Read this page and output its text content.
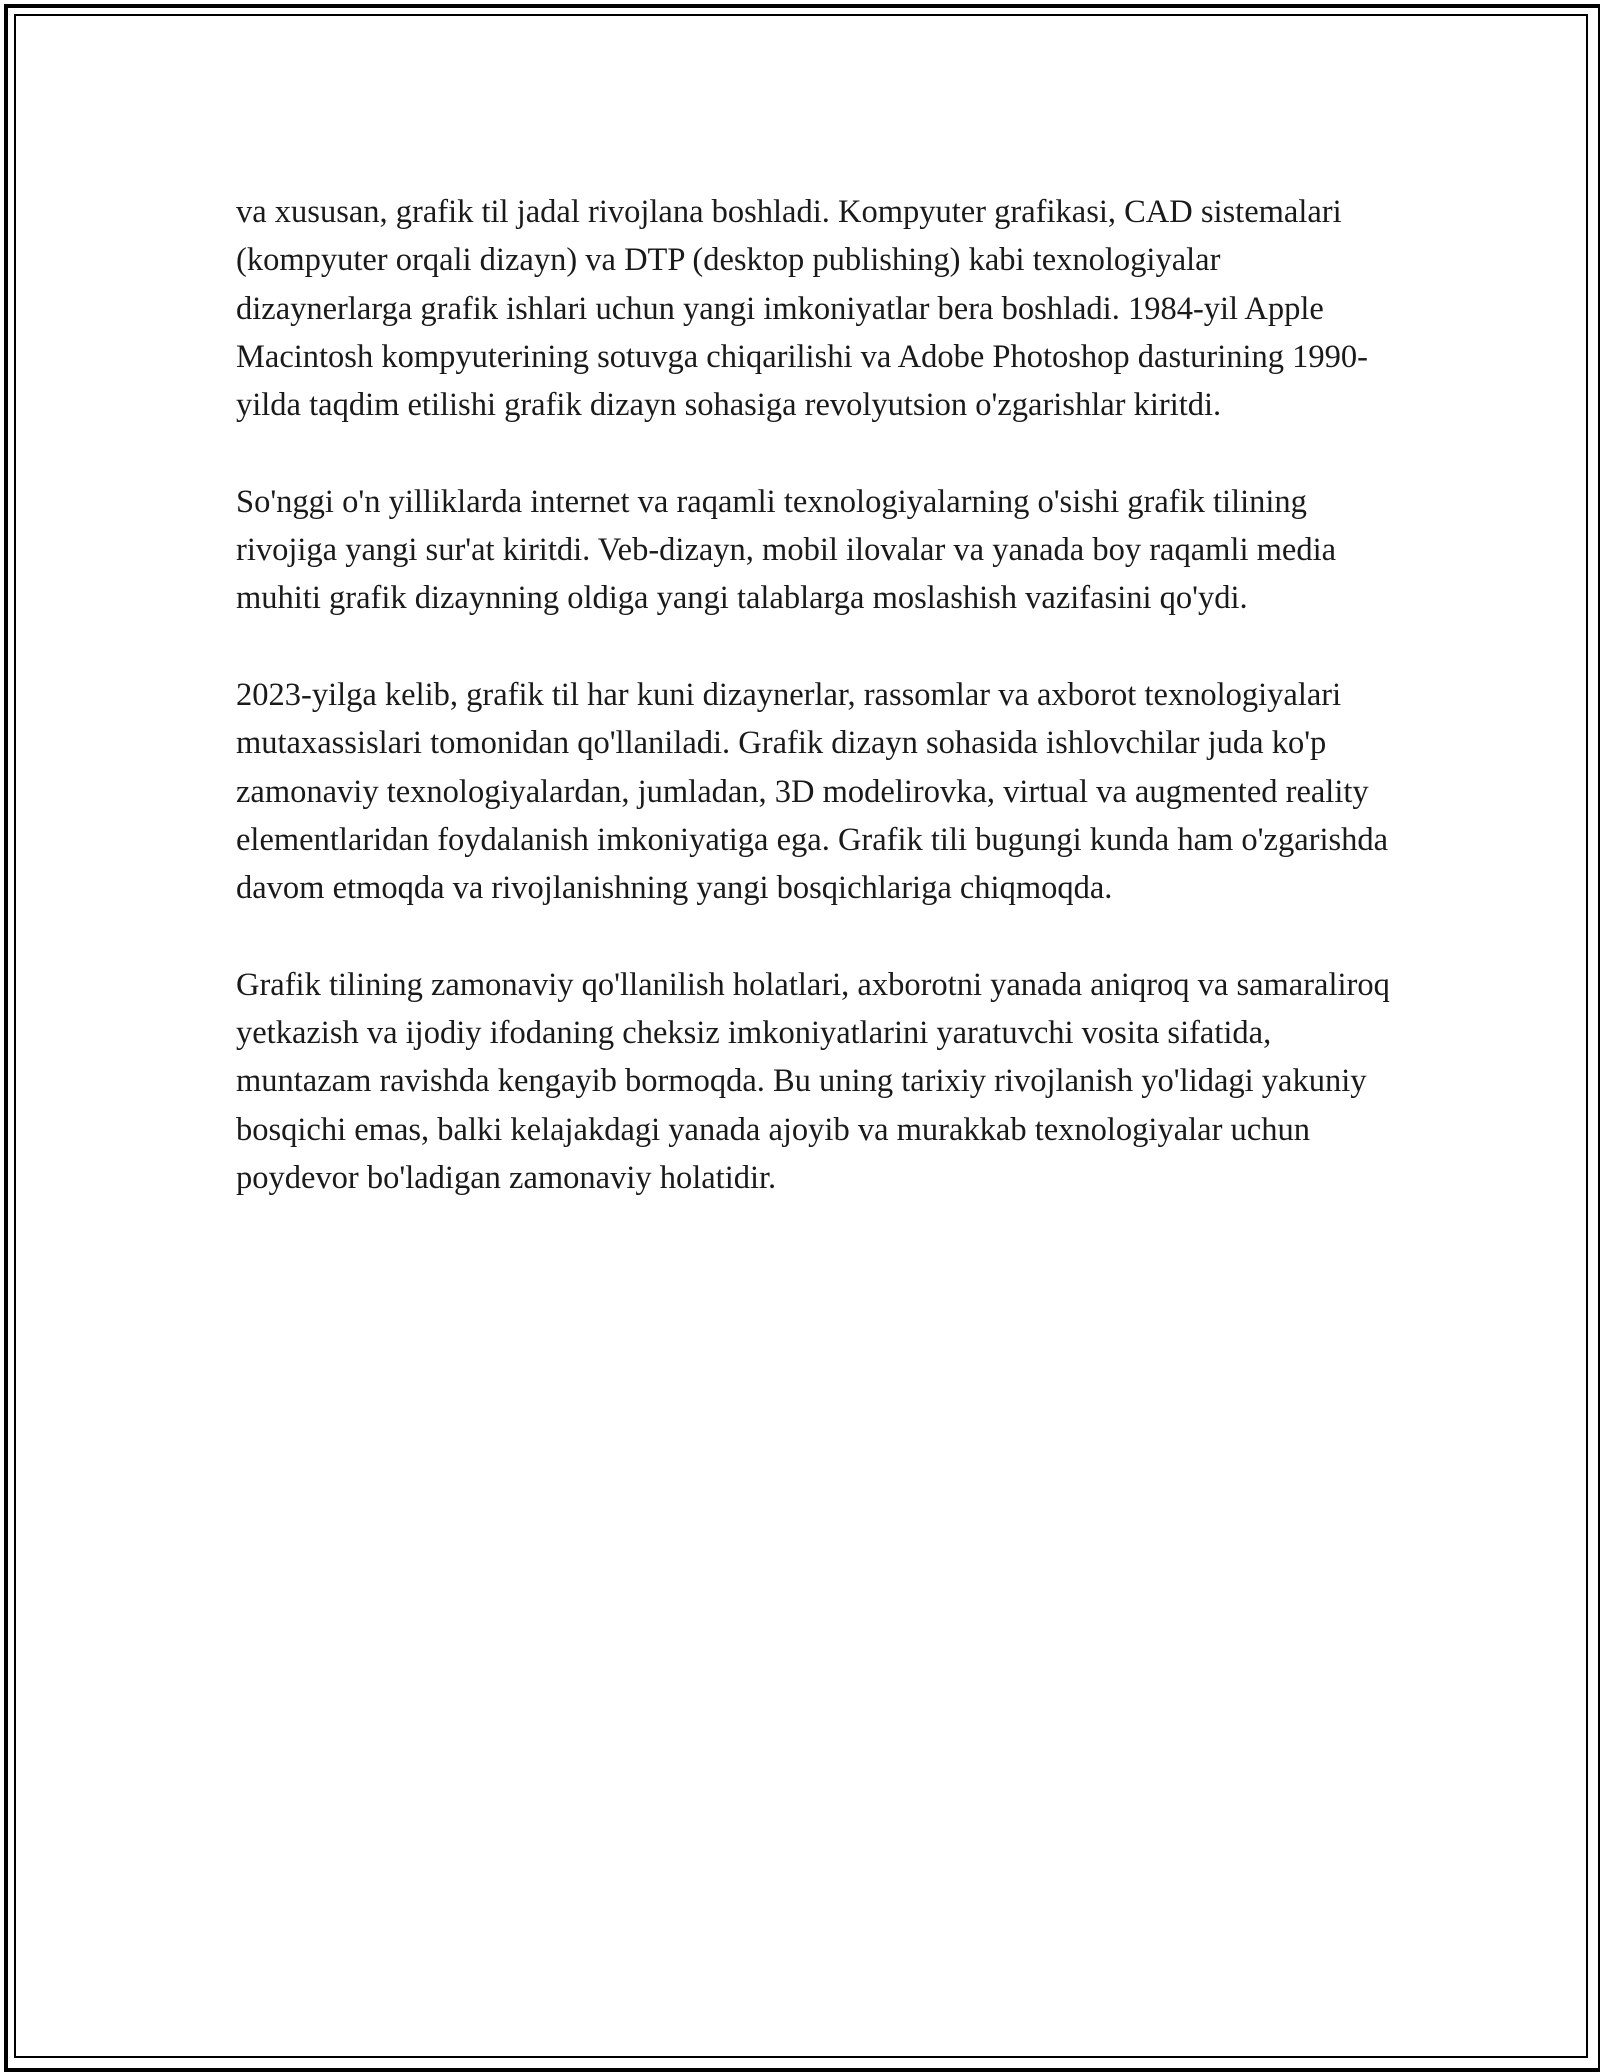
va xususan, grafik til jadal rivojlana boshladi. Kompyuter grafikasi, CAD sistemalari (kompyuter orqali dizayn) va DTP (desktop publishing) kabi texnologiyalar dizaynerlarga grafik ishlari uchun yangi imkoniyatlar bera boshladi. 1984-yil Apple Macintosh kompyuterining sotuvga chiqarilishi va Adobe Photoshop dasturining 1990-yilda taqdim etilishi grafik dizayn sohasiga revolyutsion o'zgarishlar kiritdi.

So'nggi o'n yilliklarda internet va raqamli texnologiyalarning o'sishi grafik tilining rivojiga yangi sur'at kiritdi. Veb-dizayn, mobil ilovalar va yanada boy raqamli media muhiti grafik dizaynning oldiga yangi talablarga moslashish vazifasini qo'ydi.

2023-yilga kelib, grafik til har kuni dizaynerlar, rassomlar va axborot texnologiyalari mutaxassislari tomonidan qo'llaniladi. Grafik dizayn sohasida ishlovchilar juda ko'p zamonaviy texnologiyalardan, jumladan, 3D modelirovka, virtual va augmented reality elementlaridan foydalanish imkoniyatiga ega. Grafik tili bugungi kunda ham o'zgarishda davom etmoqda va rivojlanishning yangi bosqichlariga chiqmoqda.

Grafik tilining zamonaviy qo'llanilish holatlari, axborotni yanada aniqroq va samaraliroq yetkazish va ijodiy ifodaning cheksiz imkoniyatlarini yaratuvchi vosita sifatida, muntazam ravishda kengayib bormoqda. Bu uning tarixiy rivojlanish yo'lidagi yakuniy bosqichi emas, balki kelajakdagi yanada ajoyib va murakkab texnologiyalar uchun poydevor bo'ladigan zamonaviy holatidir.
